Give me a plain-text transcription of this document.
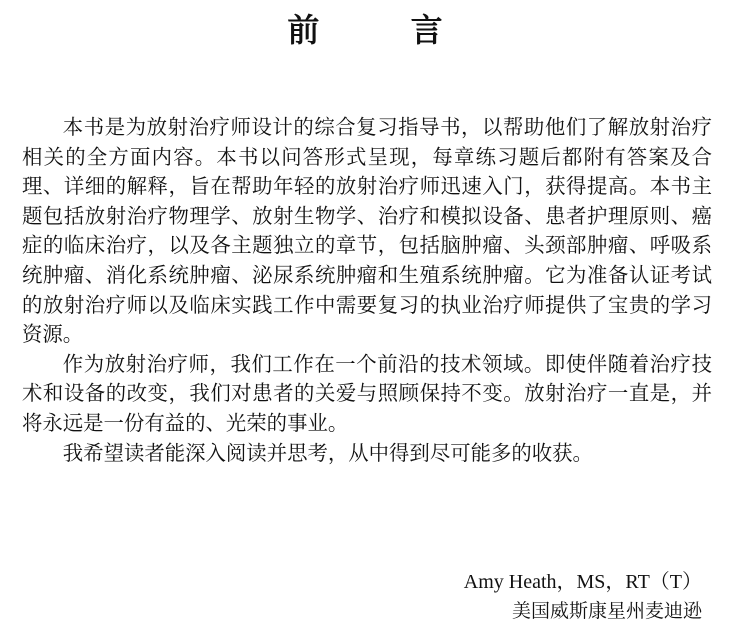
前 言

本书是为放射治疗师设计的综合复习指导书，以帮助他们了解放射治疗相关的全方面内容。本书以问答形式呈现，每章练习题后都附有答案及合理、详细的解释，旨在帮助年轻的放射治疗师迅速入门，获得提高。本书主题包括放射治疗物理学、放射生物学、治疗和模拟设备、患者护理原则、癌症的临床治疗，以及各主题独立的章节，包括脑肿瘤、头颈部肿瘤、呼吸系统肿瘤、消化系统肿瘤、泌尿系统肿瘤和生殖系统肿瘤。它为准备认证考试的放射治疗师以及临床实践工作中需要复习的执业治疗师提供了宝贵的学习资源。

作为放射治疗师，我们工作在一个前沿的技术领域。即使伴随着治疗技术和设备的改变，我们对患者的关爱与照顾保持不变。放射治疗一直是，并将永远是一份有益的、光荣的事业。

我希望读者能深入阅读并思考，从中得到尽可能多的收获。

Amy Heath，MS，RT（T）
美国威斯康星州麦迪逊
